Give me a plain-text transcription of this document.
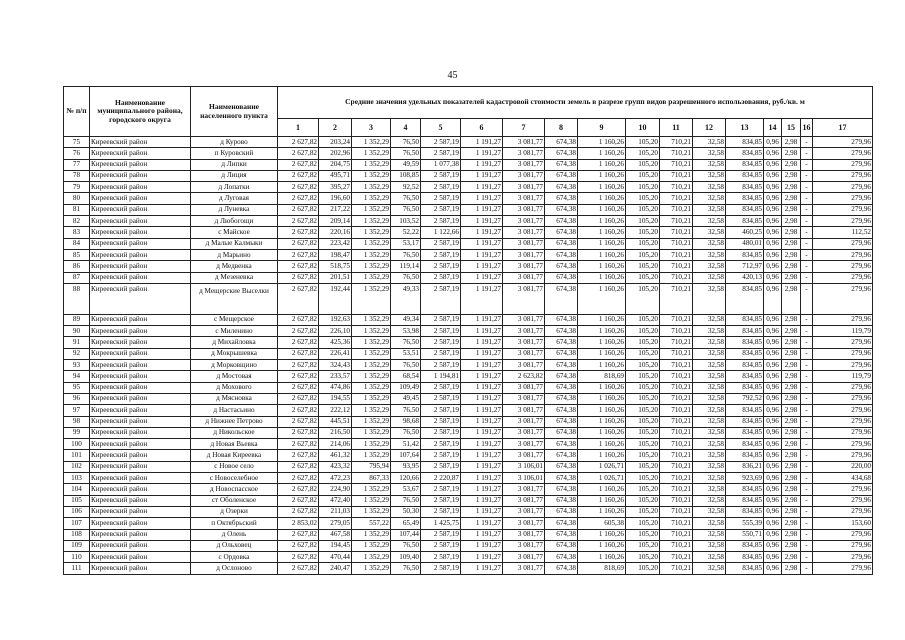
45
№ п/п	Наименование муниципального района, городского округа	Наименование населенного пункта	Средние значения удельных показателей кадастровой стоимости земель в разрезе групп видов разрешенного использования, руб./кв. м																
			1	2	3	4	5	6	7	8	9	10	11	12	13	14	15	16	17
75	Киреевский район	д Курово	2 627,82	203,24	1 352,29	76,50	2 587,19	1 191,27	3 081,77	674,38	1 160,26	105,20	710,21	32,58	834,85	0,96	2,98	-	279,96
76	Киреевский район	п Куровский	2 627,82	202,96	1 352,29	76,50	2 587,19	1 191,27	3 081,77	674,38	1 160,26	105,20	710,21	32,58	834,85	0,96	2,98	-	279,96
77	Киреевский район	д Липки	2 627,82	204,75	1 352,29	49,59	1 077,38	1 191,27	3 081,77	674,38	1 160,26	105,20	710,21	32,58	834,85	0,96	2,98	-	279,96
78	Киреевский район	д Лиция	2 627,82	495,71	1 352,29	108,85	2 587,19	1 191,27	3 081,77	674,38	1 160,26	105,20	710,21	32,58	834,85	0,96	2,98	-	279,96
79	Киреевский район	д Лопатки	2 627,82	395,27	1 352,29	92,52	2 587,19	1 191,27	3 081,77	674,38	1 160,26	105,20	710,21	32,58	834,85	0,96	2,98	-	279,96
80	Киреевский район	д Луговая	2 627,82	196,60	1 352,29	76,50	2 587,19	1 191,27	3 081,77	674,38	1 160,26	105,20	710,21	32,58	834,85	0,96	2,98	-	279,96
81	Киреевский район	д Луневка	2 627,82	217,22	1 352,29	76,50	2 587,19	1 191,27	3 081,77	674,38	1 160,26	105,20	710,21	32,58	834,85	0,96	2,98	-	279,96
82	Киреевский район	д Любогощи	2 627,82	209,14	1 352,29	103,52	2 587,19	1 191,27	3 081,77	674,38	1 160,26	105,20	710,21	32,58	834,85	0,96	2,98	-	279,96
83	Киреевский район	с Майское	2 627,82	220,16	1 352,29	52,22	1 122,66	1 191,27	3 081,77	674,38	1 160,26	105,20	710,21	32,58	460,25	0,96	2,98	-	112,52
84	Киреевский район	д Малые Калмыки	2 627,82	223,42	1 352,29	53,17	2 587,19	1 191,27	3 081,77	674,38	1 160,26	105,20	710,21	32,58	480,01	0,96	2,98	-	279,96
85	Киреевский район	д Марьино	2 627,82	198,47	1 352,29	76,50	2 587,19	1 191,27	3 081,77	674,38	1 160,26	105,20	710,21	32,58	834,85	0,96	2,98	-	279,96
86	Киреевский район	д Медвенка	2 627,82	518,75	1 352,29	119,14	2 587,19	1 191,27	3 081,77	674,38	1 160,26	105,20	710,21	32,58	712,97	0,96	2,98	-	279,96
87	Киреевский район	д Мезеневка	2 627,82	201,51	1 352,29	76,50	2 587,19	1 191,27	3 081,77	674,38	1 160,26	105,20	710,21	32,58	420,13	0,96	2,98	-	279,96
88	Киреевский район	д Мещерские Выселки	2 627,82	192,44	1 352,29	49,33	2 587,19	1 191,27	3 081,77	674,38	1 160,26	105,20	710,21	32,58	834,85	0,96	2,98	-	279,96
89	Киреевский район	с Мещерское	2 627,82	192,63	1 352,29	49,34	2 587,19	1 191,27	3 081,77	674,38	1 160,26	105,20	710,21	32,58	834,85	0,96	2,98	-	279,96
90	Киреевский район	с Миленино	2 627,82	226,10	1 352,29	53,98	2 587,19	1 191,27	3 081,77	674,38	1 160,26	105,20	710,21	32,58	834,85	0,96	2,98	-	119,79
91	Киреевский район	д Михайловка	2 627,82	425,36	1 352,29	76,50	2 587,19	1 191,27	3 081,77	674,38	1 160,26	105,20	710,21	32,58	834,85	0,96	2,98	-	279,96
92	Киреевский район	д Мокрышевка	2 627,82	226,41	1 352,29	53,51	2 587,19	1 191,27	3 081,77	674,38	1 160,26	105,20	710,21	32,58	834,85	0,96	2,98	-	279,96
93	Киреевский район	д Морковщино	2 627,82	324,43	1 352,29	76,50	2 587,19	1 191,27	3 081,77	674,38	1 160,26	105,20	710,21	32,58	834,85	0,96	2,98	-	279,96
94	Киреевский район	д Мостовая	2 627,82	233,57	1 352,29	68,54	1 194,81	1 191,27	2 623,82	674,38	818,69	105,20	710,21	32,58	834,85	0,96	2,98	-	119,79
95	Киреевский район	д Мохового	2 627,82	474,86	1 352,29	109,49	2 587,19	1 191,27	3 081,77	674,38	1 160,26	105,20	710,21	32,58	834,85	0,96	2,98	-	279,96
96	Киреевский район	д Мясновка	2 627,82	194,55	1 352,29	49,45	2 587,19	1 191,27	3 081,77	674,38	1 160,26	105,20	710,21	32,58	792,52	0,96	2,98	-	279,96
97	Киреевский район	д Настасьино	2 627,82	222,12	1 352,29	76,50	2 587,19	1 191,27	3 081,77	674,38	1 160,26	105,20	710,21	32,58	834,85	0,96	2,98	-	279,96
98	Киреевский район	д Нижнее Петрово	2 627,82	445,51	1 352,29	98,68	2 587,19	1 191,27	3 081,77	674,38	1 160,26	105,20	710,21	32,58	834,85	0,96	2,98	-	279,96
99	Киреевский район	д Никольское	2 627,82	216,50	1 352,29	76,50	2 587,19	1 191,27	3 081,77	674,38	1 160,26	105,20	710,21	32,58	834,85	0,96	2,98	-	279,96
100	Киреевский район	д Новая Вьевка	2 627,82	214,06	1 352,29	51,42	2 587,19	1 191,27	3 081,77	674,38	1 160,26	105,20	710,21	32,58	834,85	0,96	2,98	-	279,96
101	Киреевский район	д Новая Киреевка	2 627,82	461,32	1 352,29	107,64	2 587,19	1 191,27	3 081,77	674,38	1 160,26	105,20	710,21	32,58	834,85	0,96	2,98	-	279,96
102	Киреевский район	с Новое село	2 627,82	423,32	795,94	93,95	2 587,19	1 191,27	3 106,01	674,38	1 026,71	105,20	710,21	32,58	836,21	0,96	2,98	-	220,00
103	Киреевский район	с Новоселебное	2 627,82	472,23	867,33	120,66	2 220,87	1 191,27	3 106,01	674,38	1 026,71	105,20	710,21	32,58	923,69	0,96	2,98	-	434,68
104	Киреевский район	д Новоспасское	2 627,82	224,90	1 352,29	53,67	2 587,19	1 191,27	3 081,77	674,38	1 160,26	105,20	710,21	32,58	834,85	0,96	2,98	-	279,96
105	Киреевский район	ст Оболенское	2 627,82	472,40	1 352,29	76,50	2 587,19	1 191,27	3 081,77	674,38	1 160,26	105,20	710,21	32,58	834,85	0,96	2,98	-	279,96
106	Киреевский район	д Озерки	2 627,82	211,03	1 352,29	50,30	2 587,19	1 191,27	3 081,77	674,38	1 160,26	105,20	710,21	32,58	834,85	0,96	2,98	-	279,96
107	Киреевский район	п Октябрьский	2 853,02	279,05	557,22	65,49	1 425,75	1 191,27	3 081,77	674,38	605,38	105,20	710,21	32,58	555,39	0,96	2,98	-	153,60
108	Киреевский район	д Олень	2 627,82	467,58	1 352,29	107,44	2 587,19	1 191,27	3 081,77	674,38	1 160,26	105,20	710,21	32,58	550,71	0,96	2,98	-	279,96
109	Киреевский район	д Ольховец	2 627,82	194,45	1 352,29	76,50	2 587,19	1 191,27	3 081,77	674,38	1 160,26	105,20	710,21	32,58	834,85	0,96	2,98	-	279,96
110	Киреевский район	с Ордовка	2 627,82	470,44	1 352,29	109,40	2 587,19	1 191,27	3 081,77	674,38	1 160,26	105,20	710,21	32,58	834,85	0,96	2,98	-	279,96
111	Киреевский район	д Ослоново	2 627,82	240,47	1 352,29	76,50	2 587,19	1 191,27	3 081,77	674,38	818,69	105,20	710,21	32,58	834,85	0,96	2,98	-	279,96
